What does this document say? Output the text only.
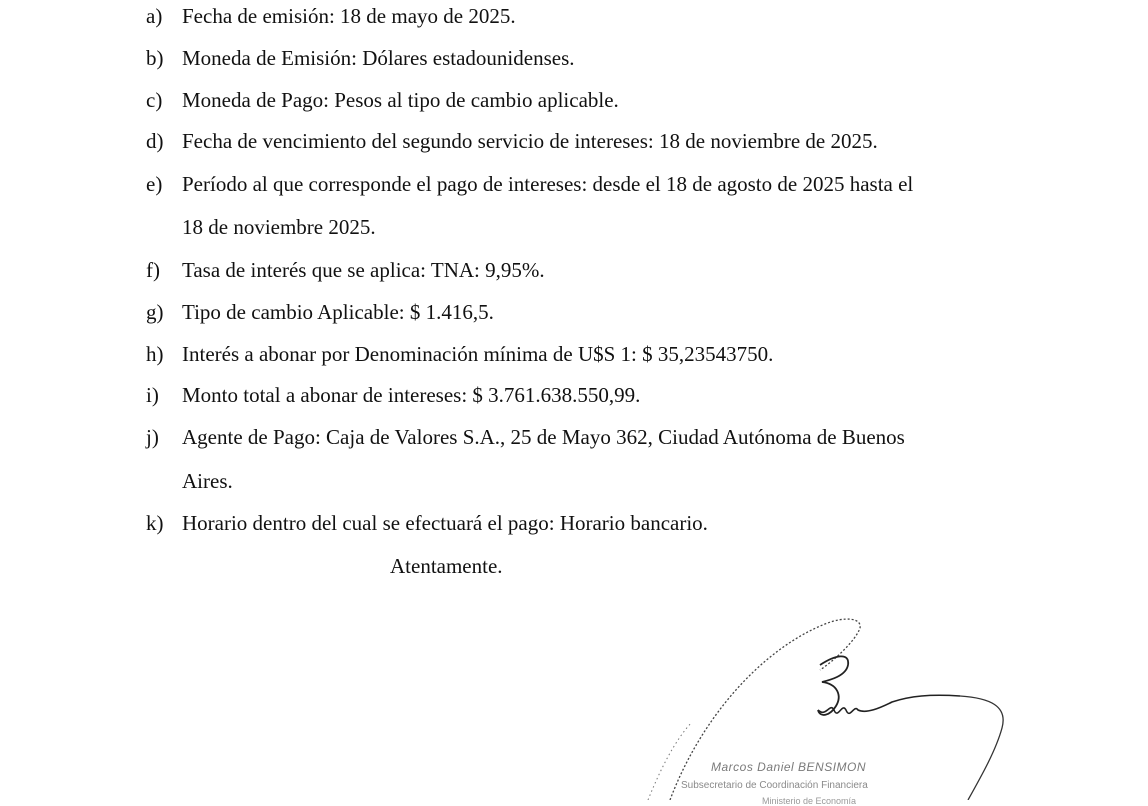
a) Fecha de emisión: 18 de mayo de 2025.
b) Moneda de Emisión: Dólares estadounidenses.
c) Moneda de Pago: Pesos al tipo de cambio aplicable.
d) Fecha de vencimiento del segundo servicio de intereses: 18 de noviembre de 2025.
e) Período al que corresponde el pago de intereses: desde el 18 de agosto de 2025 hasta el
18 de noviembre 2025.
f) Tasa de interés que se aplica: TNA: 9,95%.
g) Tipo de cambio Aplicable: $ 1.416,5.
h) Interés a abonar por Denominación mínima de U$S 1: $ 35,23543750.
i) Monto total a abonar de intereses: $ 3.761.638.550,99.
j) Agente de Pago: Caja de Valores S.A., 25 de Mayo 362, Ciudad Autónoma de Buenos
Aires.
k) Horario dentro del cual se efectuará el pago: Horario bancario.
Atentamente.
Marcos Daniel BENSIMON
Subsecretario de Coordinación Financiera
Ministerio de Economía
